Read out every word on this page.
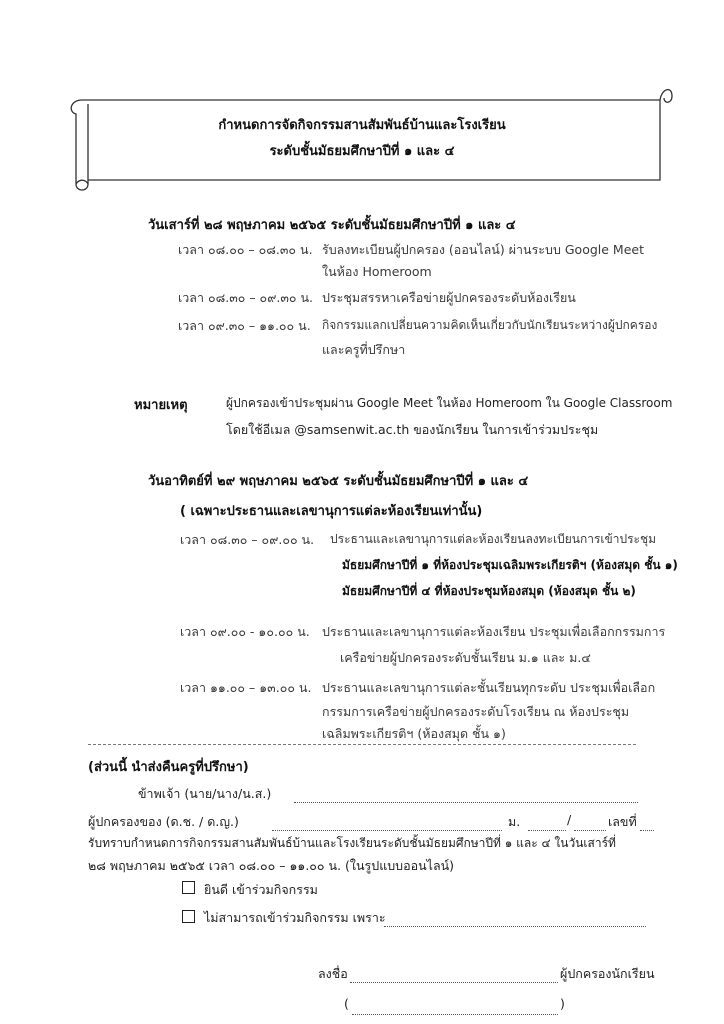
กำหนดการจัดกิจกรรมสานสัมพันธ์บ้านและโรงเรียน
ระดับชั้นมัธยมศึกษาปีที่ ๑ และ ๔
วันเสาร์ที่ ๒๘ พฤษภาคม ๒๕๖๕ ระดับชั้นมัธยมศึกษาปีที่ ๑ และ ๔
เวลา ๐๘.๐๐ – ๐๘.๓๐ น. รับลงทะเบียนผู้ปกครอง (ออนไลน์) ผ่านระบบ Google Meet
ในห้อง Homeroom
เวลา ๐๘.๓๐ – ๐๙.๓๐ น. ประชุมสรรหาเครือข่ายผู้ปกครองระดับห้องเรียน
เวลา ๐๙.๓๐ – ๑๑.๐๐ น. กิจกรรมแลกเปลี่ยนความคิดเห็นเกี่ยวกับนักเรียนระหว่างผู้ปกครอง
และครูที่ปรึกษา
หมายเหตุ	ผู้ปกครองเข้าประชุมผ่าน Google Meet ในห้อง Homeroom ใน Google Classroom
โดยใช้อีเมล @samsenwit.ac.th ของนักเรียน ในการเข้าร่วมประชุม
วันอาทิตย์ที่ ๒๙ พฤษภาคม ๒๕๖๕ ระดับชั้นมัธยมศึกษาปีที่ ๑ และ ๔
( เฉพาะประธานและเลขานุการแต่ละห้องเรียนเท่านั้น)
เวลา ๐๘.๓๐ – ๐๙.๐๐ น. ประธานและเลขานุการแต่ละห้องเรียนลงทะเบียนการเข้าประชุม
มัธยมศึกษาปีที่ ๑ ที่ห้องประชุมเฉลิมพระเกียรติฯ (ห้องสมุด ชั้น ๑)
มัธยมศึกษาปีที่ ๔ ที่ห้องประชุมห้องสมุด (ห้องสมุด ชั้น ๒)
เวลา ๐๙.๐๐ - ๑๐.๐๐ น. ประธานและเลขานุการแต่ละห้องเรียน ประชุมเพื่อเลือกกรรมการ
เครือข่ายผู้ปกครองระดับชั้นเรียน ม.๑ และ ม.๔
เวลา ๑๑.๐๐ – ๑๓.๐๐ น. ประธานและเลขานุการแต่ละชั้นเรียนทุกระดับ ประชุมเพื่อเลือก
กรรมการเครือข่ายผู้ปกครองระดับโรงเรียน ณ ห้องประชุม
เฉลิมพระเกียรติฯ (ห้องสมุด ชั้น ๑)
(ส่วนนี้ นำส่งคืนครูที่ปรึกษา)
ข้าพเจ้า (นาย/นาง/น.ส.)
ผู้ปกครองของ (ด.ช. / ด.ญ.)	ม.	/	เลขที่
รับทราบกำหนดการกิจกรรมสานสัมพันธ์บ้านและโรงเรียนระดับชั้นมัธยมศึกษาปีที่ ๑ และ ๔ ในวันเสาร์ที่
๒๘ พฤษภาคม ๒๕๖๕ เวลา ๐๘.๐๐ – ๑๑.๐๐ น. (ในรูปแบบออนไลน์)
ยินดี เข้าร่วมกิจกรรม
ไม่สามารถเข้าร่วมกิจกรรม เพราะ
ลงชื่อ	ผู้ปกครองนักเรียน
(	)
